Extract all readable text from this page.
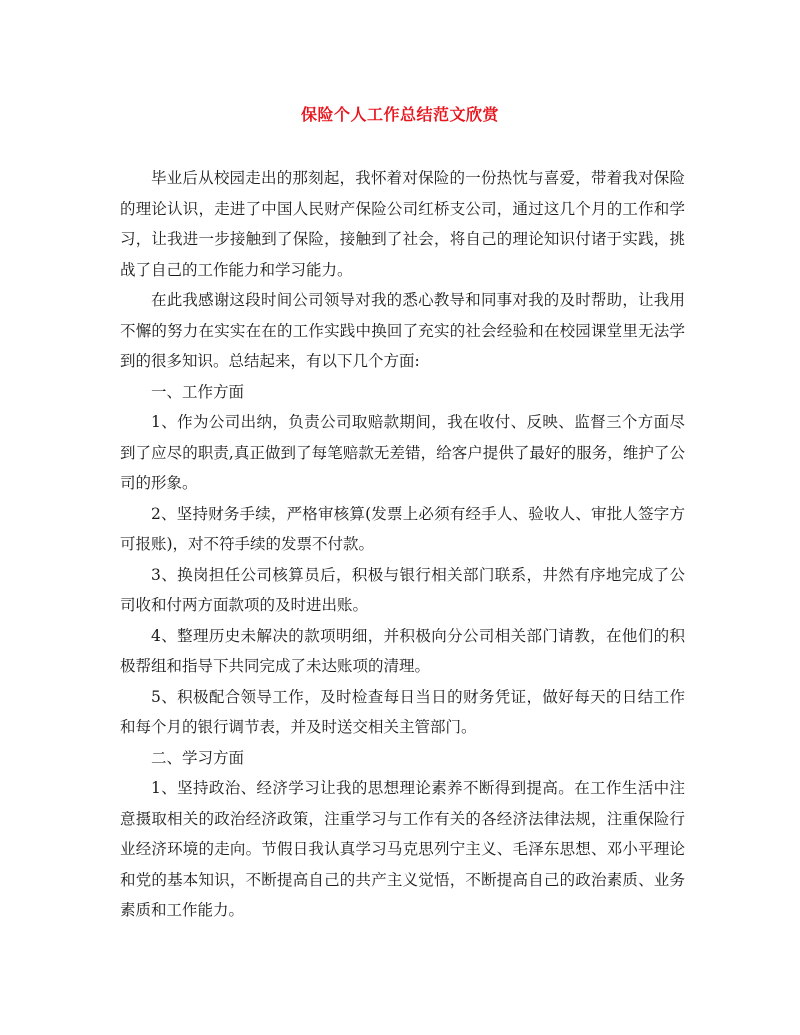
保险个人工作总结范文欣赏

毕业后从校园走出的那刻起，我怀着对保险的一份热忱与喜爱，带着我对保险的理论认识，走进了中国人民财产保险公司红桥支公司，通过这几个月的工作和学习，让我进一步接触到了保险，接触到了社会，将自己的理论知识付诸于实践，挑战了自己的工作能力和学习能力。

在此我感谢这段时间公司领导对我的悉心教导和同事对我的及时帮助，让我用不懈的努力在实实在在的工作实践中换回了充实的社会经验和在校园课堂里无法学到的很多知识。总结起来，有以下几个方面:

一、工作方面

1、作为公司出纳，负责公司取赔款期间，我在收付、反映、监督三个方面尽到了应尽的职责,真正做到了每笔赔款无差错，给客户提供了最好的服务，维护了公司的形象。

2、坚持财务手续，严格审核算(发票上必须有经手人、验收人、审批人签字方可报账)，对不符手续的发票不付款。

3、换岗担任公司核算员后，积极与银行相关部门联系，井然有序地完成了公司收和付两方面款项的及时进出账。

4、整理历史未解决的款项明细，并积极向分公司相关部门请教，在他们的积极帮组和指导下共同完成了未达账项的清理。

5、积极配合领导工作，及时检查每日当日的财务凭证，做好每天的日结工作和每个月的银行调节表，并及时送交相关主管部门。

二、学习方面

1、坚持政治、经济学习让我的思想理论素养不断得到提高。在工作生活中注意摄取相关的政治经济政策，注重学习与工作有关的各经济法律法规，注重保险行业经济环境的走向。节假日我认真学习马克思列宁主义、毛泽东思想、邓小平理论和党的基本知识，不断提高自己的共产主义觉悟，不断提高自己的政治素质、业务素质和工作能力。
